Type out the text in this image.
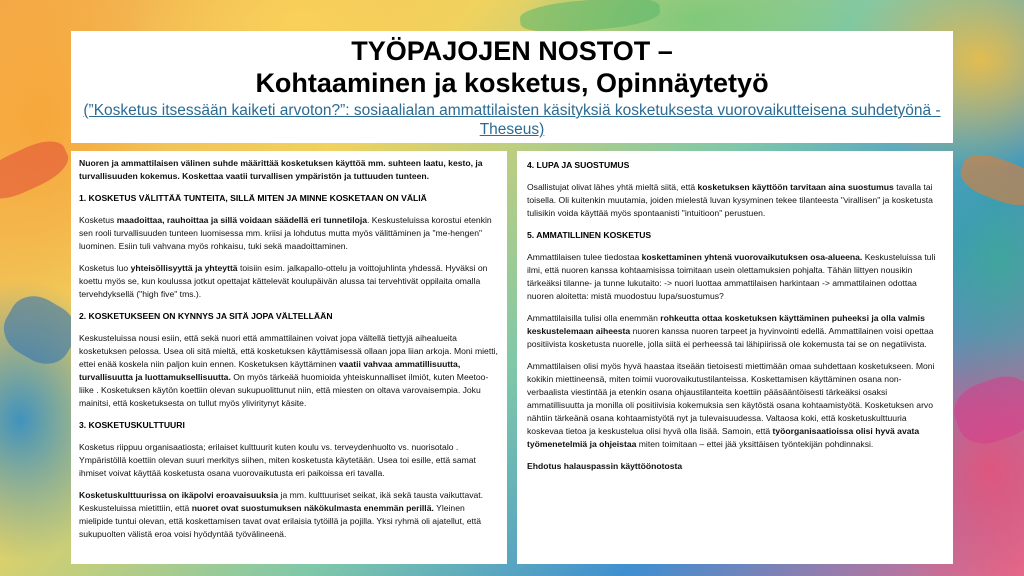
TYÖPAJOJEN NOSTOT –
Kohtaaminen ja kosketus, Opinnäytetyö
(”Kosketus itsessään kaiketi arvoton?”: sosiaalialan ammattilaisten käsityksiä kosketuksesta vuorovaikutteisena suhdetyönä - Theseus)

Nuoren ja ammattilaisen välinen suhde määrittää kosketuksen käyttöä mm. suhteen laatu, kesto, ja turvallisuuden kokemus. Koskettaa vaatii turvallisen ympäristön ja tuttuuden tunteen.

1. KOSKETUS VÄLITTÄÄ TUNTEITA, SILLÄ MITEN JA MINNE KOSKETAAN ON VÄLIÄ

Kosketus maadoittaa, rauhoittaa ja sillä voidaan säädellä eri tunnetiloja. Keskusteluissa korostui etenkin sen rooli turvallisuuden tunteen luomisessa mm. kriisi ja lohdutus mutta myös välittäminen ja "me-hengen" luominen. Esiin tuli vahvana myös rohkaisu, tuki sekä maadoittaminen.

Kosketus luo yhteisöllisyyttä ja yhteyttä toisiin esim. jalkapallo-ottelu ja voittojuhlinta yhdessä. Hyväksi on koettu myös se, kun koulussa jotkut opettajat kättelevät koulupäivän alussa tai tervehtivät oppilaita omalla tervehdyksellä ("high five" tms.).

2. KOSKETUKSEEN ON KYNNYS JA SITÄ JOPA VÄLTELLÄÄN

Keskusteluissa nousi esiin, että sekä nuori että ammattilainen voivat jopa vältellä tiettyjä aihealueita kosketuksen pelossa. Usea oli sitä mieltä, että kosketuksen käyttämisessä ollaan jopa liian arkoja. Moni mietti, ettei enää koskela niin paljon kuin ennen. Kosketuksen käyttäminen vaatii vahvaa ammatillisuutta, turvallisuutta ja luottamuksellisuutta. On myös tärkeää huomioida yhteiskunnalliset ilmiöt, kuten Meetoo-liike . Kosketuksen käytön koettiin olevan sukupuolittunut niin, että miesten on oltava varovaisempia. Joku mainitsi, että kosketuksesta on tullut myös yliviritynyt käsite.

3. KOSKETUSKULTTUURI

Kosketus riippuu organisaatiosta; erilaiset kulttuurit kuten koulu vs. terveydenhuolto vs. nuorisotalo . Ympäristöllä koettiin olevan suuri merkitys siihen, miten kosketusta käytetään. Usea toi esille, että samat ihmiset voivat käyttää kosketusta osana vuorovaikutusta eri paikoissa eri tavalla.

Kosketuskulttuurissa on ikäpolvi eroavaisuuksia ja mm. kulttuuriset seikat, ikä sekä tausta vaikuttavat. Keskusteluissa mietittiin, että nuoret ovat suostumuksen näkökulmasta enemmän perillä. Yleinen mielipide tuntui olevan, että koskettamisen tavat ovat erilaisia tytöillä ja pojilla. Yksi ryhmä oli ajatellut, että sukupuolten välistä eroa voisi hyödyntää työvälineenä.

4. LUPA JA SUOSTUMUS

Osallistujat olivat lähes yhtä mieltä siitä, että kosketuksen käyttöön tarvitaan aina suostumus tavalla tai toisella. Oli kuitenkin muutamia, joiden mielestä luvan kysyminen tekee tilanteesta "virallisen" ja kosketusta tulisikin voida käyttää myös spontaanisti "intuitioon" perustuen.

5. AMMATILLINEN KOSKETUS

Ammattilaisen tulee tiedostaa koskettaminen yhtenä vuorovaikutuksen osa-alueena. Keskusteluissa tuli ilmi, että nuoren kanssa kohtaamisissa toimitaan usein olettamuksien pohjalta. Tähän liittyen nousikin tärkeäksi tilanne- ja tunne lukutaito: -> nuori luottaa ammattilaisen harkintaan -> ammattilainen odottaa nuoren aloitetta: mistä muodostuu lupa/suostumus?

Ammattilaisilla tulisi olla enemmän rohkeutta ottaa kosketuksen käyttäminen puheeksi ja olla valmis keskustelemaan aiheesta nuoren kanssa nuoren tarpeet ja hyvinvointi edellä. Ammattilainen voisi opettaa positiivista kosketusta nuorelle, jolla siitä ei perheessä tai lähipiirissä ole kokemusta tai se on negatiivista.

Ammattilaisen olisi myös hyvä haastaa itseään tietoisesti miettimään omaa suhdettaan kosketukseen. Moni kokikin miettineensä, miten toimii vuorovaikutustilanteissa. Koskettamisen käyttäminen osana non-verbaalista viestintää ja etenkin osana ohjaustilanteita koettiin pääsääntöisesti tärkeäksi osaksi ammatillisuutta ja monilla oli positiivisia kokemuksia sen käytöstä osana kohtaamistyötä. Kosketuksen arvo nähtiin tärkeänä osana kohtaamistyötä nyt ja tulevaisuudessa. Valtaosa koki, että kosketuskulttuuria koskevaa tietoa ja keskustelua olisi hyvä olla lisää. Samoin, että työorganisaatioissa olisi hyvä avata työmenetelmiä ja ohjeistaa miten toimitaan – ettei jää yksittäisen työntekijän pohdinnaksi.

Ehdotus halauspassin käyttöönotosta
